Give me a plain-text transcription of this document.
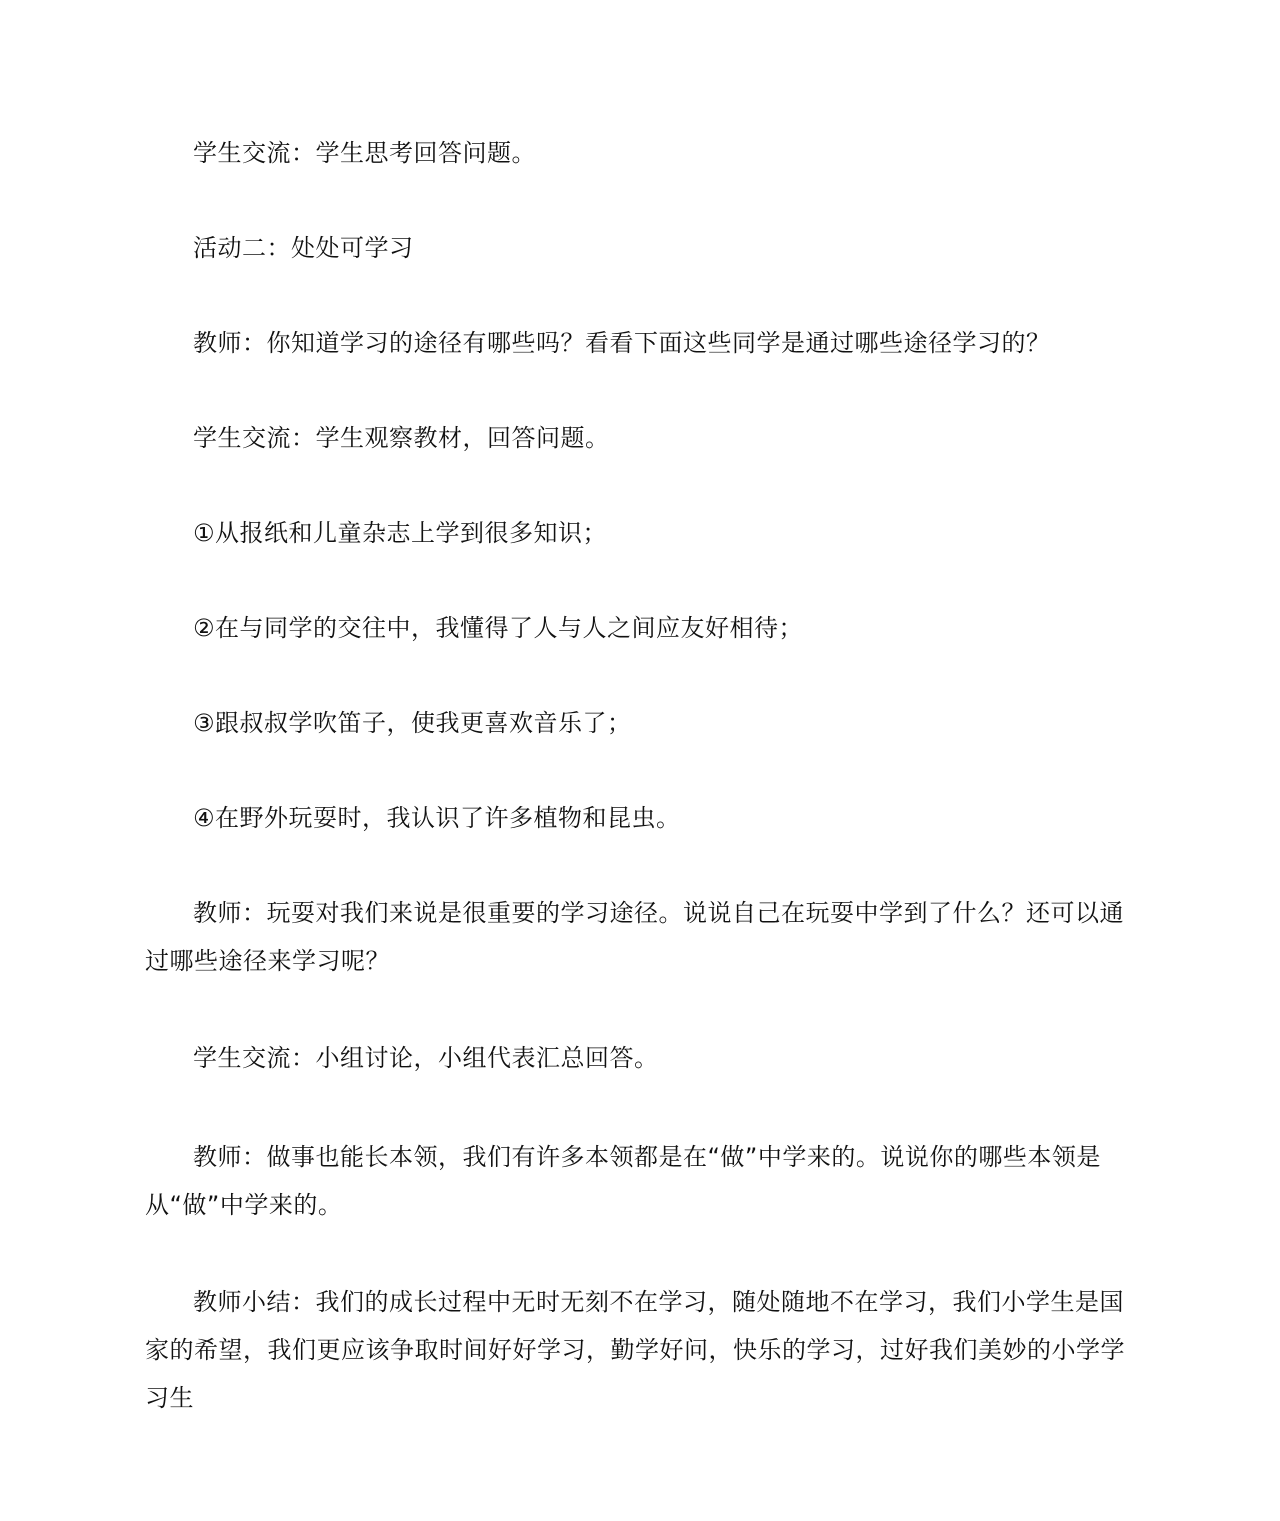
学生交流：学生思考回答问题。

活动二：处处可学习

教师：你知道学习的途径有哪些吗？看看下面这些同学是通过哪些途径学习的？

学生交流：学生观察教材，回答问题。

①从报纸和儿童杂志上学到很多知识；

②在与同学的交往中，我懂得了人与人之间应友好相待；

③跟叔叔学吹笛子，使我更喜欢音乐了；

④在野外玩耍时，我认识了许多植物和昆虫。

教师：玩耍对我们来说是很重要的学习途径。说说自己在玩耍中学到了什么？还可以通过哪些途径来学习呢？

学生交流：小组讨论，小组代表汇总回答。

教师：做事也能长本领，我们有许多本领都是在“做”中学来的。说说你的哪些本领是从“做”中学来的。

教师小结：我们的成长过程中无时无刻不在学习，随处随地不在学习，我们小学生是国家的希望，我们更应该争取时间好好学习，勤学好问，快乐的学习，过好我们美妙的小学学习生
